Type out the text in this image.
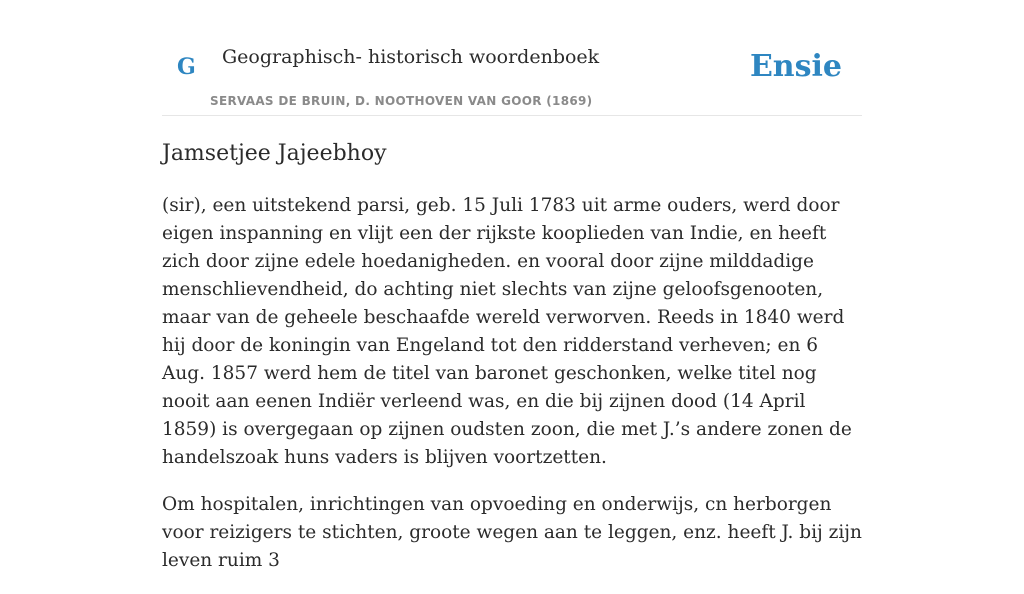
G Geographisch- historisch woordenboek
SERVAAS DE BRUIN, D. NOOTHOVEN VAN GOOR (1869)
Ensie
Jamsetjee Jajeebhoy

(sir), een uitstekend parsi, geb. 15 Juli 1783 uit arme ouders, werd door eigen inspanning en vlijt een der rijkste kooplieden van Indie, en heeft zich door zijne edele hoedanigheden. en vooral door zijne milddadige menschlievendheid, do achting niet slechts van zijne geloofsgenooten, maar van de geheele beschaafde wereld verworven. Reeds in 1840 werd hij door de koningin van Engeland tot den ridderstand verheven; en 6 Aug. 1857 werd hem de titel van baronet geschonken, welke titel nog nooit aan eenen Indiër verleend was, en die bij zijnen dood (14 April 1859) is overgegaan op zijnen oudsten zoon, die met J.’s andere zonen de handelszoak huns vaders is blijven voortzetten.

Om hospitalen, inrichtingen van opvoeding en onderwijs, cn herborgen voor reizigers te stichten, groote wegen aan te leggen, enz. heeft J. bij zijn leven ruim 3
